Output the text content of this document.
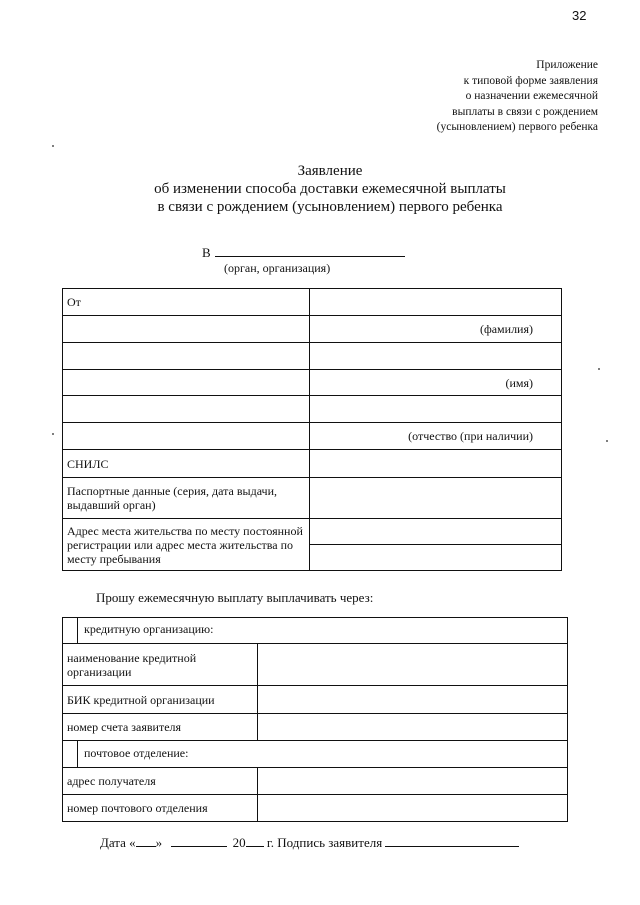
32
Приложение
к типовой форме заявления
о назначении ежемесячной
выплаты в связи с рождением
(усыновлением) первого ребенка
Заявление
об изменении способа доставки ежемесячной выплаты
в связи с рождением (усыновлением) первого ребенка
В
(орган, организация)
От	
	(фамилия)

	(имя)

	(отчество (при наличии)
СНИЛС	
Паспортные данные (серия, дата выдачи, выдавший орган)	
Адрес места жительства по месту постоянной регистрации или адрес места жительства по месту пребывания	
Прошу ежемесячную выплату выплачивать через:
кредитную организацию:	
наименование кредитной организации	
БИК кредитной организации	
номер счета заявителя	
почтовое отделение:	
адрес получателя	
номер почтового отделения	
Дата « »	20 г. Подпись заявителя
